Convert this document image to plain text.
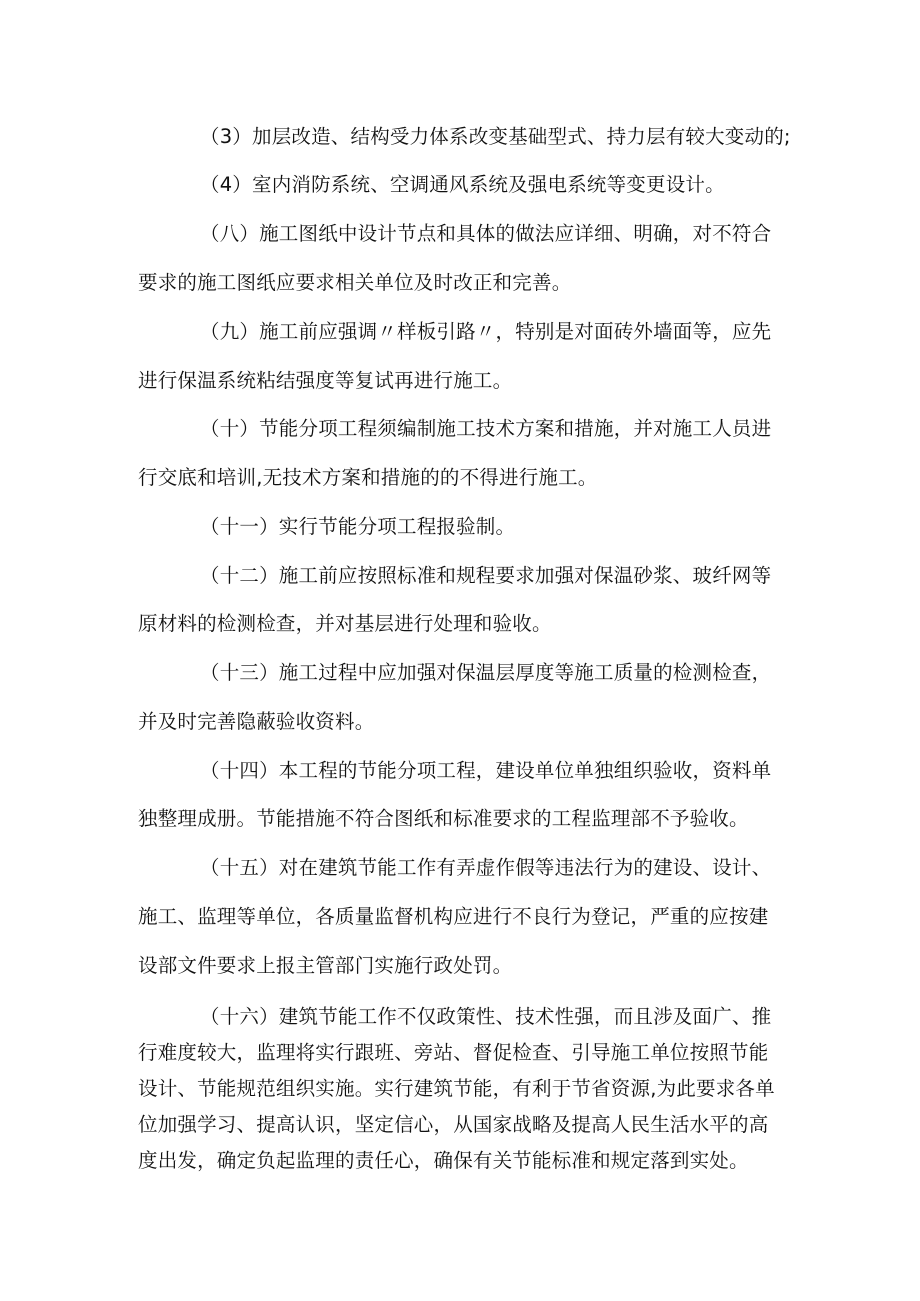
（3）加层改造、结构受力体系改变基础型式、持力层有较大变动的;
（4）室内消防系统、空调通风系统及强电系统等变更设计。
（八）施工图纸中设计节点和具体的做法应详细、明确，对不符合
要求的施工图纸应要求相关单位及时改正和完善。
（九）施工前应强调〃样板引路〃，特别是对面砖外墙面等，应先
进行保温系统粘结强度等复试再进行施工。
（十）节能分项工程须编制施工技术方案和措施，并对施工人员进
行交底和培训,无技术方案和措施的的不得进行施工。
（十一）实行节能分项工程报验制。
（十二）施工前应按照标准和规程要求加强对保温砂浆、玻纤网等
原材料的检测检查，并对基层进行处理和验收。
（十三）施工过程中应加强对保温层厚度等施工质量的检测检查，
并及时完善隐蔽验收资料。
（十四）本工程的节能分项工程，建设单位单独组织验收，资料单
独整理成册。节能措施不符合图纸和标准要求的工程监理部不予验收。
（十五）对在建筑节能工作有弄虚作假等违法行为的建设、设计、
施工、监理等单位，各质量监督机构应进行不良行为登记，严重的应按建
设部文件要求上报主管部门实施行政处罚。
（十六）建筑节能工作不仅政策性、技术性强，而且涉及面广、推
行难度较大，监理将实行跟班、旁站、督促检查、引导施工单位按照节能
设计、节能规范组织实施。实行建筑节能，有利于节省资源,为此要求各单
位加强学习、提高认识，坚定信心，从国家战略及提高人民生活水平的高
度出发，确定负起监理的责任心，确保有关节能标准和规定落到实处。
